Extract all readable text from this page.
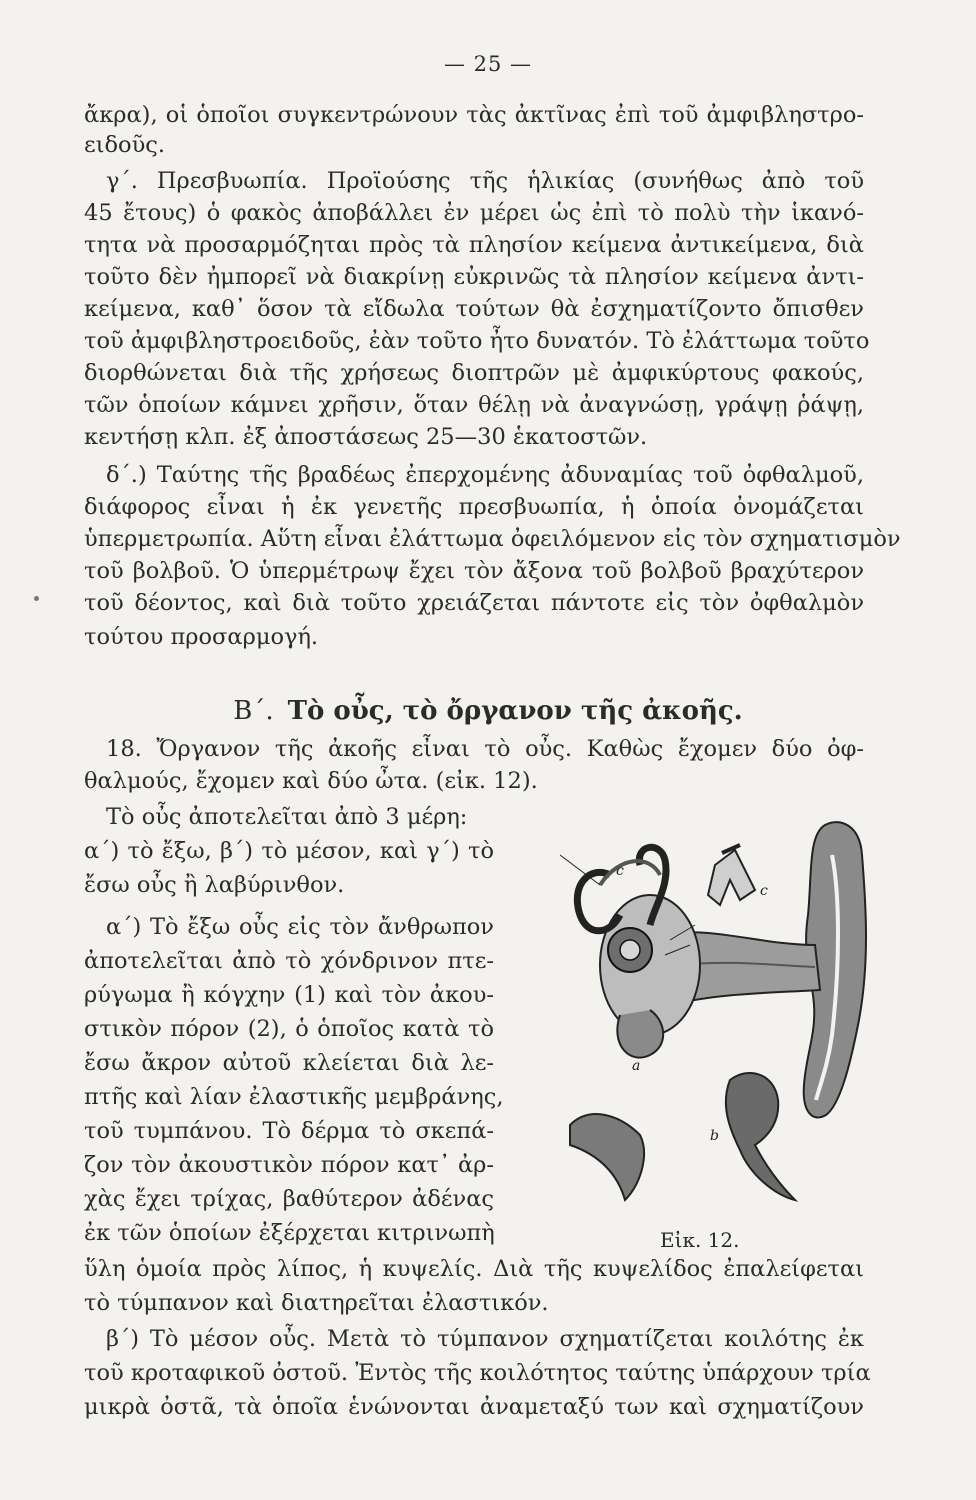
— 25 —
ἄκρα), οἱ ὁποῖοι συγκεντρώνουν τὰς ἀκτῖνας ἐπὶ τοῦ ἀμφιβληστρο-
ειδοῦς.
γ΄. Πρεσβυωπία. Προϊούσης τῆς ἡλικίας (συνήθως ἀπὸ τοῦ
45 ἔτους) ὁ φακὸς ἀποβάλλει ἐν μέρει ὡς ἐπὶ τὸ πολὺ τὴν ἱκανό-
τητα νὰ προσαρμόζηται πρὸς τὰ πλησίον κείμενα ἀντικείμενα, διὰ
τοῦτο δὲν ἠμπορεῖ νὰ διακρίνῃ εὐκρινῶς τὰ πλησίον κείμενα ἀντι-
κείμενα, καθ᾽ ὅσον τὰ εἴδωλα τούτων θὰ ἐσχηματίζοντο ὄπισθεν
τοῦ ἀμφιβληστροειδοῦς, ἐὰν τοῦτο ἦτο δυνατόν. Τὸ ἐλάττωμα τοῦτο
διορθώνεται διὰ τῆς χρήσεως διοπτρῶν μὲ ἀμφικύρτους φακούς,
τῶν ὁποίων κάμνει χρῆσιν, ὅταν θέλῃ νὰ ἀναγνώσῃ, γράψῃ ῥάψῃ,
κεντήσῃ κλπ. ἐξ ἀποστάσεως 25—30 ἑκατοστῶν.
δ΄.) Ταύτης τῆς βραδέως ἐπερχομένης ἀδυναμίας τοῦ ὀφθαλμοῦ,
διάφορος εἶναι ἡ ἐκ γενετῆς πρεσβυωπία, ἡ ὁποία ὀνομάζεται
ὑπερμετρωπία. Αὕτη εἶναι ἐλάττωμα ὀφειλόμενον εἰς τὸν σχηματισμὸν
τοῦ βολβοῦ. Ὁ ὑπερμέτρωψ ἔχει τὸν ἄξονα τοῦ βολβοῦ βραχύτερον
τοῦ δέοντος, καὶ διὰ τοῦτο χρειάζεται πάντοτε εἰς τὸν ὀφθαλμὸν
τούτου προσαρμογή.
Β΄. Τὸ οὖς, τὸ ὄργανον τῆς ἀκοῆς.
18. Ὄργανον τῆς ἀκοῆς εἶναι τὸ οὖς. Καθὼς ἔχομεν δύο ὀφ-
θαλμούς, ἔχομεν καὶ δύο ὦτα. (εἰκ. 12).
Τὸ οὖς ἀποτελεῖται ἀπὸ 3 μέρη:
α΄) τὸ ἔξω, β΄) τὸ μέσον, καὶ γ΄) τὸ
ἔσω οὖς ἢ λαβύρινθον.
α΄) Τὸ ἔξω οὖς εἰς τὸν ἄνθρωπον
ἀποτελεῖται ἀπὸ τὸ χόνδρινον πτε-
ρύγωμα ἢ κόγχην (1) καὶ τὸν ἀκου-
στικὸν πόρον (2), ὁ ὁποῖος κατὰ τὸ
ἔσω ἄκρον αὐτοῦ κλείεται διὰ λε-
πτῆς καὶ λίαν ἐλαστικῆς μεμβράνης,
τοῦ τυμπάνου. Τὸ δέρμα τὸ σκεπά-
ζον τὸν ἀκουστικὸν πόρον κατ᾽ ἀρ-
χὰς ἔχει τρίχας, βαθύτερον ἀδένας
ἐκ τῶν ὁποίων ἐξέρχεται κιτρινωπὴ
a
b
c
c
Εἰκ. 12.
ὕλη ὁμοία πρὸς λίπος, ἡ κυψελίς. Διὰ τῆς κυψελίδος ἐπαλείφεται
τὸ τύμπανον καὶ διατηρεῖται ἐλαστικόν.
β΄) Τὸ μέσον οὖς. Μετὰ τὸ τύμπανον σχηματίζεται κοιλότης ἐκ
τοῦ κροταφικοῦ ὀστοῦ. Ἐντὸς τῆς κοιλότητος ταύτης ὑπάρχουν τρία
μικρὰ ὀστᾶ, τὰ ὁποῖα ἑνώνονται ἀναμεταξύ των καὶ σχηματίζουν
